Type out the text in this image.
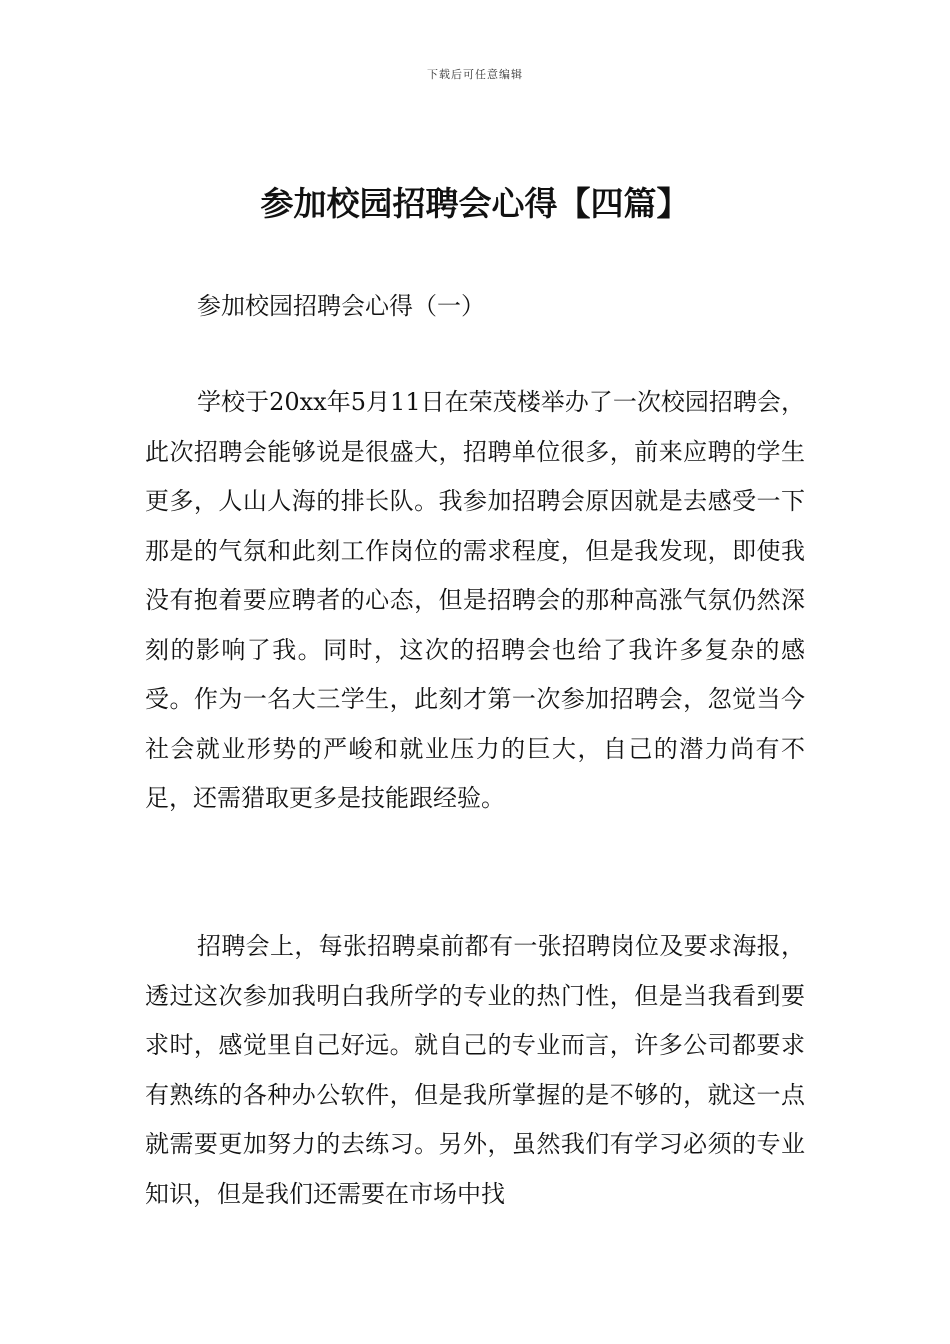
下载后可任意编辑
参加校园招聘会心得【四篇】
参加校园招聘会心得（一）

学校于20xx年5月11日在荣茂楼举办了一次校园招聘会，此次招聘会能够说是很盛大，招聘单位很多，前来应聘的学生更多，人山人海的排长队。我参加招聘会原因就是去感受一下那是的气氛和此刻工作岗位的需求程度，但是我发现，即使我没有抱着要应聘者的心态，但是招聘会的那种高涨气氛仍然深刻的影响了我。同时，这次的招聘会也给了我许多复杂的感受。作为一名大三学生，此刻才第一次参加招聘会，忽觉当今社会就业形势的严峻和就业压力的巨大，自己的潜力尚有不足，还需猎取更多是技能跟经验。

招聘会上，每张招聘桌前都有一张招聘岗位及要求海报，透过这次参加我明白我所学的专业的热门性，但是当我看到要求时，感觉里自己好远。就自己的专业而言，许多公司都要求有熟练的各种办公软件，但是我所掌握的是不够的，就这一点就需要更加努力的去练习。另外，虽然我们有学习必须的专业知识，但是我们还需要在市场中找
